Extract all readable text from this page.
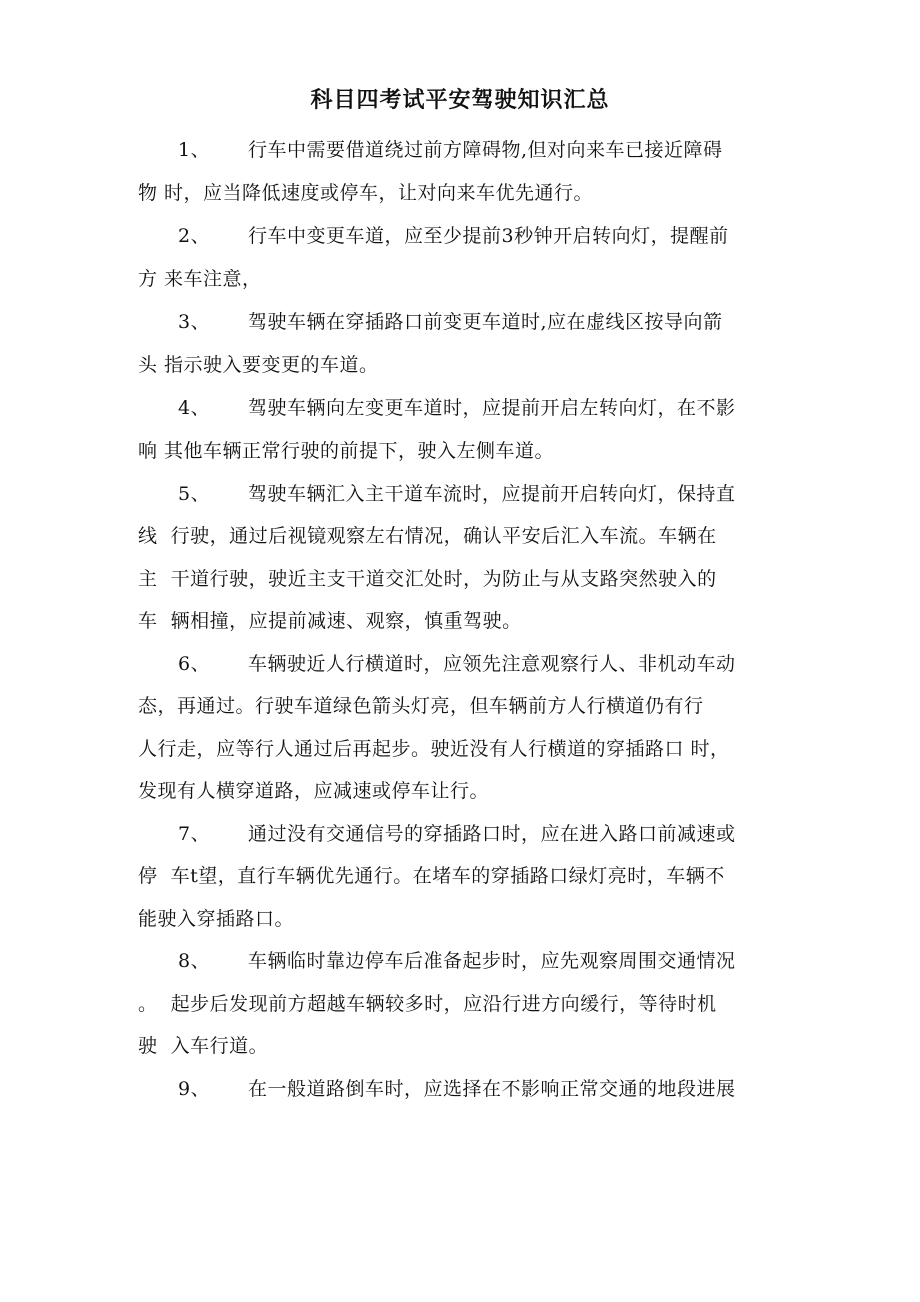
科目四考试平安驾驶知识汇总
1、 行车中需要借道绕过前方障碍物,但对向来车已接近障碍
物 时，应当降低速度或停车，让对向来车优先通行。
2、 行车中变更车道，应至少提前3秒钟开启转向灯，提醒前
方 来车注意，
3、 驾驶车辆在穿插路口前变更车道时,应在虚线区按导向箭
头 指示驶入要变更的车道。
4、 驾驶车辆向左变更车道时，应提前开启左转向灯，在不影
响 其他车辆正常行驶的前提下，驶入左侧车道。
5、 驾驶车辆汇入主干道车流时，应提前开启转向灯，保持直
线  行驶，通过后视镜观察左右情况，确认平安后汇入车流。车辆在
主  干道行驶，驶近主支干道交汇处时，为防止与从支路突然驶入的
车  辆相撞，应提前减速、观察，慎重驾驶。
6、 车辆驶近人行横道时，应领先注意观察行人、非机动车动
态，再通过。行驶车道绿色箭头灯亮，但车辆前方人行横道仍有行
人行走，应等行人通过后再起步。驶近没有人行横道的穿插路口 时，
发现有人横穿道路，应减速或停车让行。
7、 通过没有交通信号的穿插路口时，应在进入路口前减速或
停  车t望，直行车辆优先通行。在堵车的穿插路口绿灯亮时，车辆不
能驶入穿插路口。
8、 车辆临时靠边停车后准备起步时，应先观察周围交通情况
。  起步后发现前方超越车辆较多时，应沿行进方向缓行，等待时机
驶  入车行道。
9、 在一般道路倒车时，应选择在不影响正常交通的地段进展
